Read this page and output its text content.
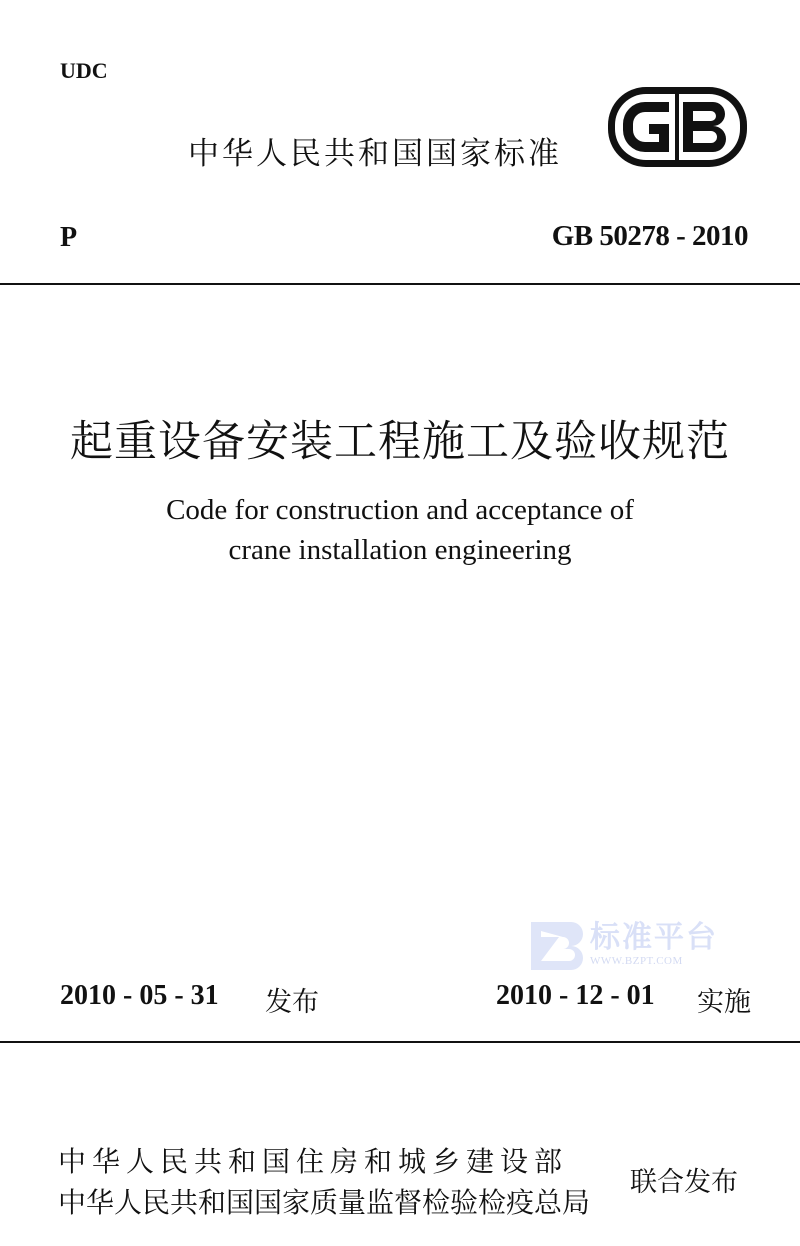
UDC
中华人民共和国国家标准
P	GB 50278 - 2010
起重设备安装工程施工及验收规范
Code for construction and acceptance of
crane installation engineering
标准平台
WWW.BZPT.COM
2010 - 05 - 31 发布	2010 - 12 - 01 实施
中华人民共和国住房和城乡建设部
中华人民共和国国家质量监督检验检疫总局
联合发布
